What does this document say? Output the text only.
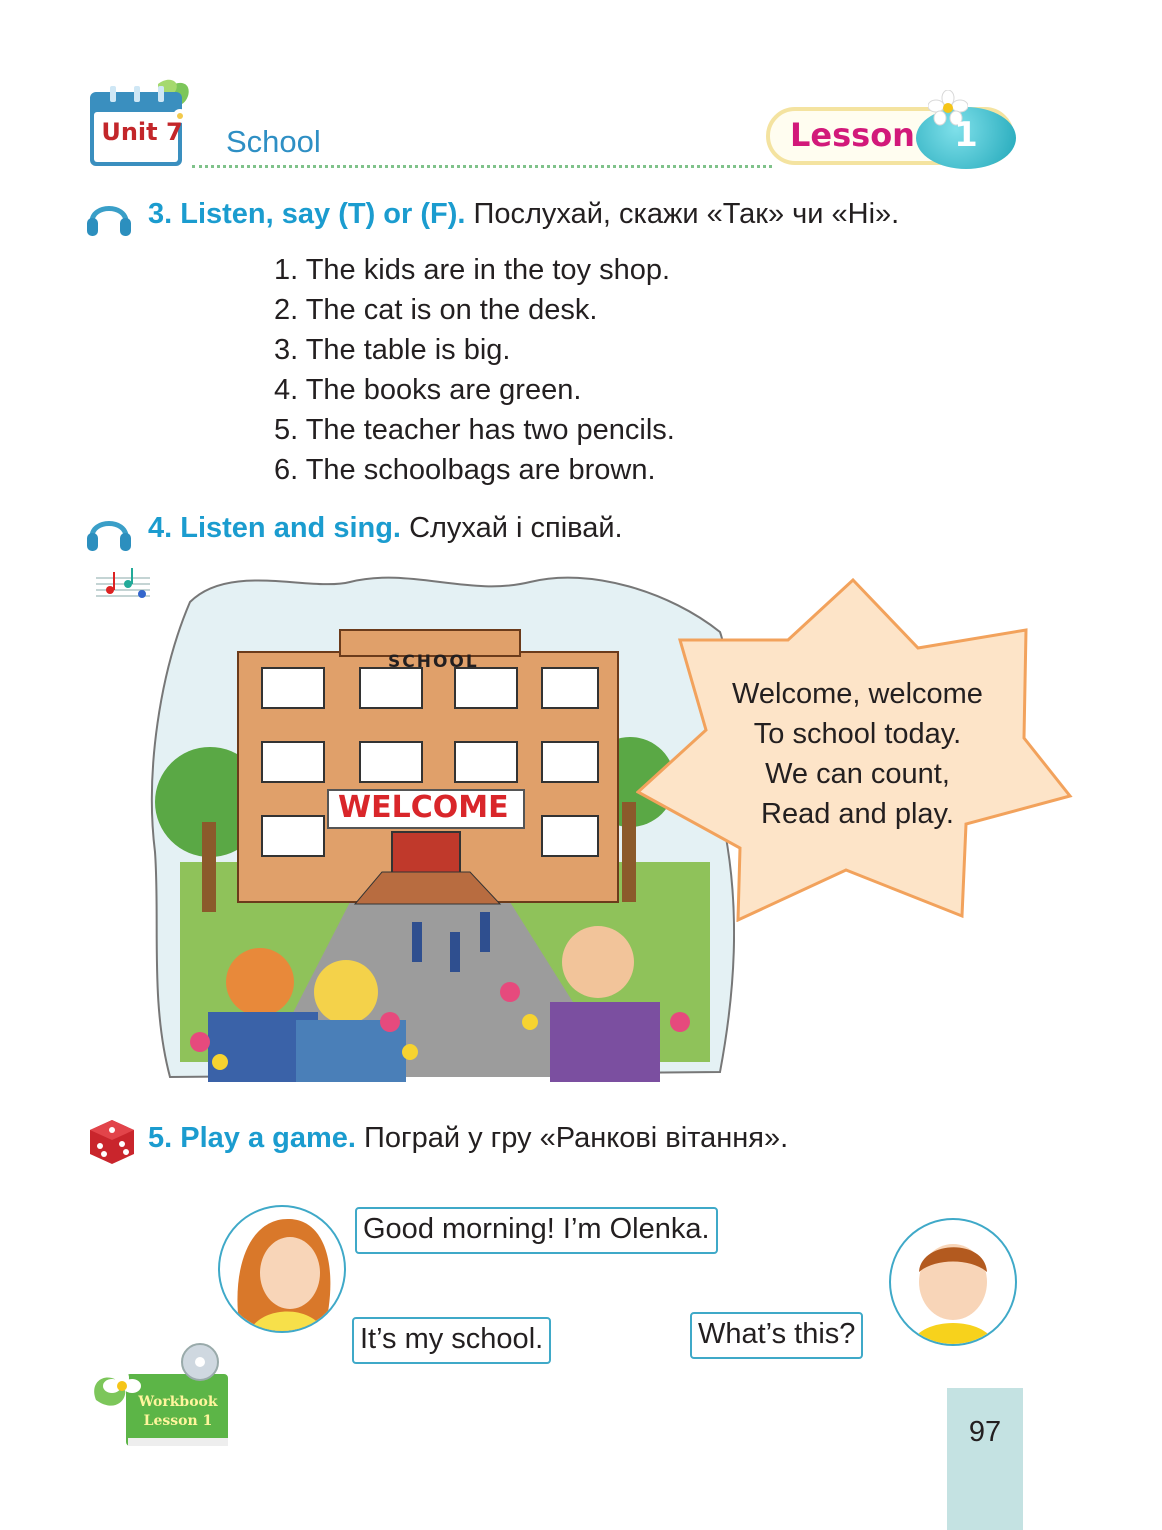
Unit 7 School	Lesson	1
3. Listen, say (T) or (F). Послухай, скажи «Так» чи «Ні».
1. The kids are in the toy shop.
2. The cat is on the desk.
3. The table is big.
4. The books are green.
5. The teacher has two pencils.
6. The schoolbags are brown.
4. Listen and sing. Слухай і співай.
SCHOOL
WELCOME
Welcome, welcome
To school today.
We can count,
Read and play.
5. Play a game. Пограй у гру «Ранкові вітання».
Good morning! I’m Olenka.
It’s my school.	What’s this?
Workbook
Lesson 1	97
